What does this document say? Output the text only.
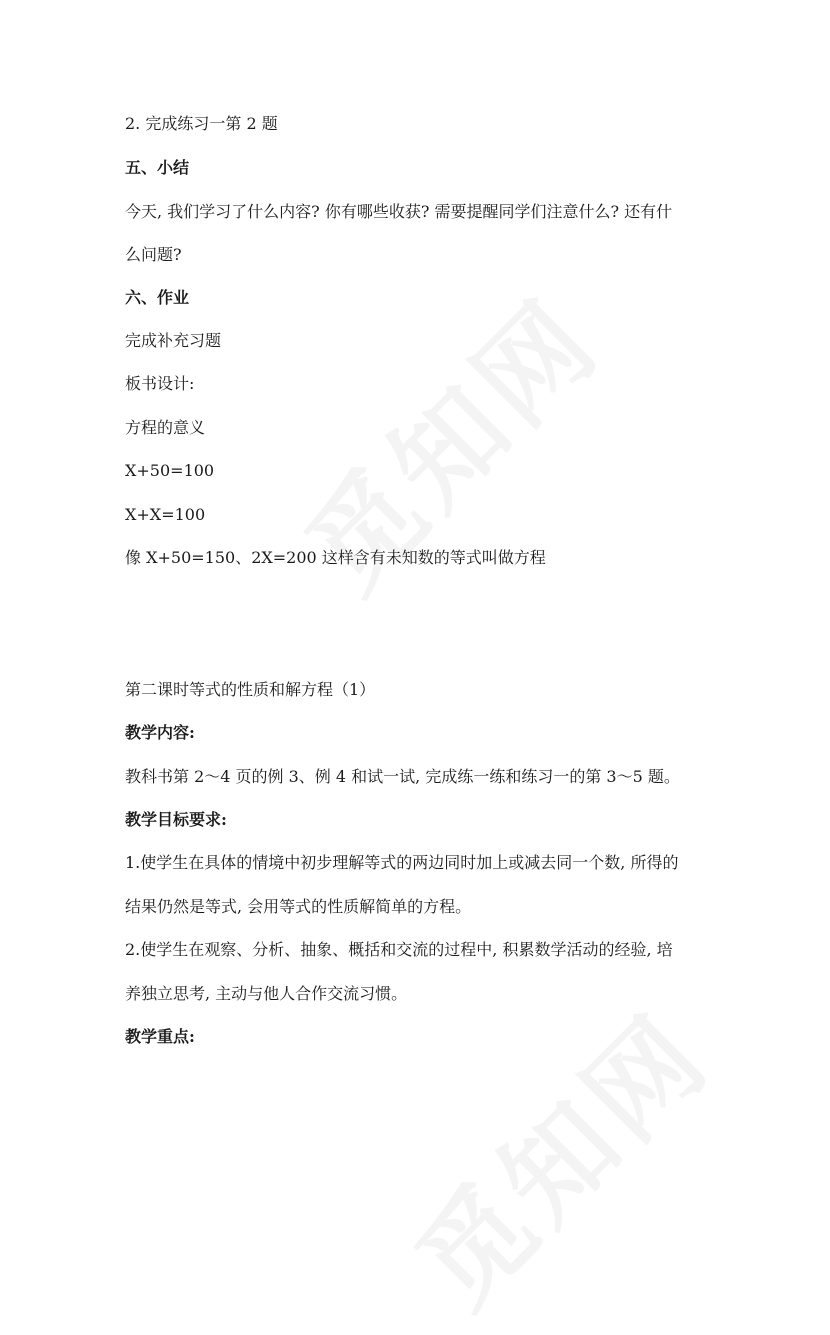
2. 完成练习一第 2 题
五、小结
今天, 我们学习了什么内容? 你有哪些收获? 需要提醒同学们注意什么? 还有什
么问题?
六、作业
完成补充习题
板书设计:
方程的意义
X+50=100
X+X=100
像 X+50=150、2X=200 这样含有未知数的等式叫做方程
第二课时等式的性质和解方程（1）
教学内容:
教科书第 2～4 页的例 3、例 4 和试一试, 完成练一练和练习一的第 3～5 题。
教学目标要求:
1.使学生在具体的情境中初步理解等式的两边同时加上或减去同一个数, 所得的
结果仍然是等式, 会用等式的性质解简单的方程。
2.使学生在观察、分析、抽象、概括和交流的过程中, 积累数学活动的经验, 培
养独立思考, 主动与他人合作交流习惯。
教学重点:
